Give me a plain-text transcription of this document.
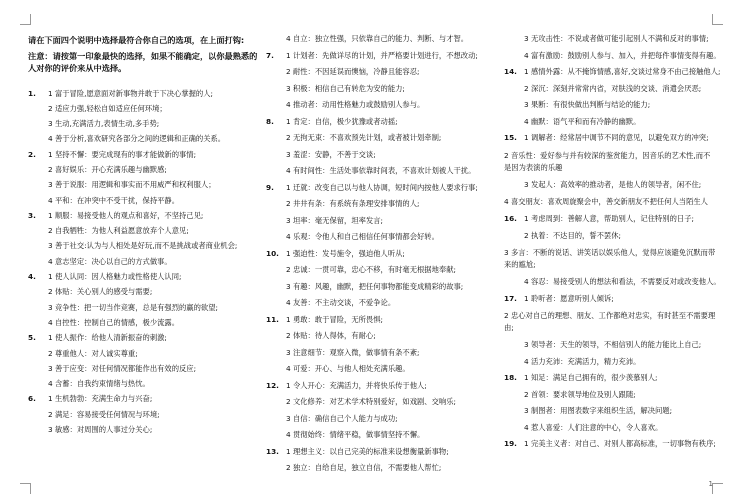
请在下面四个说明中选择最符合你自己的选项，在上面打钩:

注意：请按第一印象最快的选择，如果不能确定，以你最熟悉的人对你的评价来从中选择。

1. 1 富于冒险,愿意面对新事物并敢于下决心掌握的人;
2 适应力强,轻松自如适应任何环境；
3 生动,充满活力,表情生动,多手势;
4 善于分析,喜欢研究各部分之间的逻辑和正确的关系。
2. 1 坚持不懈：要完成现有的事才能做新的事情;
2 喜好娱乐：开心充满乐趣与幽默感;
3 善于说服：用逻辑和事实而不用威严和权利服人；
4 平和：在冲突中不受干扰，保持平静。
3. 1 顺服：易接受他人的观点和喜好，不坚持己见;
2 自我牺牲：为他人利益愿意放弃个人意见;
3 善于社交:认为与人相处是好玩,而不是挑战或者商业机会;
4 意志坚定：决心以自己的方式做事。
4. 1 使人认同：因人格魅力或性格使人认同;
2 体贴：关心别人的感受与需要;
3 竞争性：把一切当作竞赛，总是有强烈的赢的欲望;
4 自控性：控制自己的情感，极少流露。
5. 1 使人振作：给他人清新振奋的刺激;
2 尊重他人：对人诚实尊重;
3 善于应变：对任何情况都能作出有效的反应;
4 含蓄：自我约束情绪与热忱。
6. 1 生机勃勃：充满生命力与兴奋;
2 满足：容易接受任何情况与环境;
3 敏感：对周围的人事过分关心;
4 自立：独立性强，只依靠自己的能力、判断、与才智。
7. 1 计划者：先做详尽的计划，并严格要计划进行，不想改动;
2 耐性：不因延误而懊恼，冷静且能容忍;
3 积极：相信自己有转危为安的能力;
4 推动者：动用性格魅力或鼓励别人参与。
8. 1 肯定：自信，极少犹豫或者动摇;
2 无拘无束：不喜欢预先计划，或者被计划牵制;
3 羞涩：安静，不善于交谈;
4 有时间性：生活处事依靠时间表，不喜欢计划被人干扰。
9. 1 迁就：改变自己以与他人协调，短时间内按他人要求行事;
2 井井有条：有系统有条理安排事情的人;
3 坦率：毫无保留，坦率发言;
4 乐观：令他人和自己相信任何事情都会好转。
10. 1 强迫性：发号施令，强迫他人听从;
2 忠诚：一贯可靠，忠心不移，有时毫无根据地奉献;
3 有趣：风趣，幽默，把任何事物都能变成精彩的故事;
4 友善：不主动交谈，不爱争论。
11. 1 勇敢：敢于冒险，无所畏惧;
2 体贴：待人得体，有耐心;
3 注意细节：观察入微，做事情有条不紊;
4 可爱：开心、与他人相处充满乐趣。
12. 1 令人开心：充满活力，并将快乐传于他人;
2 文化修养：对艺术学术特别爱好，如戏剧、交响乐;
3 自信：确信自己个人能力与成功;
4 贯彻始终：情绪平稳，做事情坚持不懈。
13. 1 理想主义：以自己完美的标准来设想衡量新事物;
2 独立：自给自足，独立自信，不需要他人帮忙;
3 无攻击性：不说或者做可能引起别人不满和反对的事情;
4 富有激励：鼓励别人参与、加入，并把每件事情变得有趣。
14. 1 感情外露：从不掩饰情感,喜好,交谈过常身不由己接触他人;
2 深沉：深刻并常常内省，对肤浅的交谈、消遣会厌恶;
3 果断：有很快做出判断与结论的能力;
4 幽默：语气平和而有冷静的幽默。
15. 1 调解者：经常居中调节不同的意见，以避免双方的冲突;
2 音乐性：爱好参与并有较深的鉴赏能力，因音乐的艺术性,而不是因为表演的乐趣
3 发起人：高效率的推动者，是他人的领导者，闲不住;
4 喜交朋友：喜欢周旋聚会中，善交新朋友不把任何人当陌生人
16. 1 考虑周到：善解人意，帮助别人，记住特别的日子;
2 执着：不达目的，誓不罢休;
3 多言：不断的说话、讲笑话以娱乐他人，觉得应该避免沉默而带来的尴尬;
4 容忍：易接受别人的想法和看法，不需要反对或改变他人。
17. 1 聆听者：愿意听别人倾诉;
2 忠心对自己的理想、朋友、工作都绝对忠实，有时甚至不需要理由;
3 领导者：天生的领导，不相信别人的能力能比上自己;
4 活力充沛：充满活力，精力充沛。
18. 1 知足：满足自己拥有的，很少羡慕别人;
2 首领：要求领导地位及别人跟随;
3 制图者：用图表数字来组织生活，解决问题;
4 惹人喜爱：人们注意的中心，令人喜欢。
19. 1 完美主义者：对自己、对别人都高标准，一切事物有秩序;
1
